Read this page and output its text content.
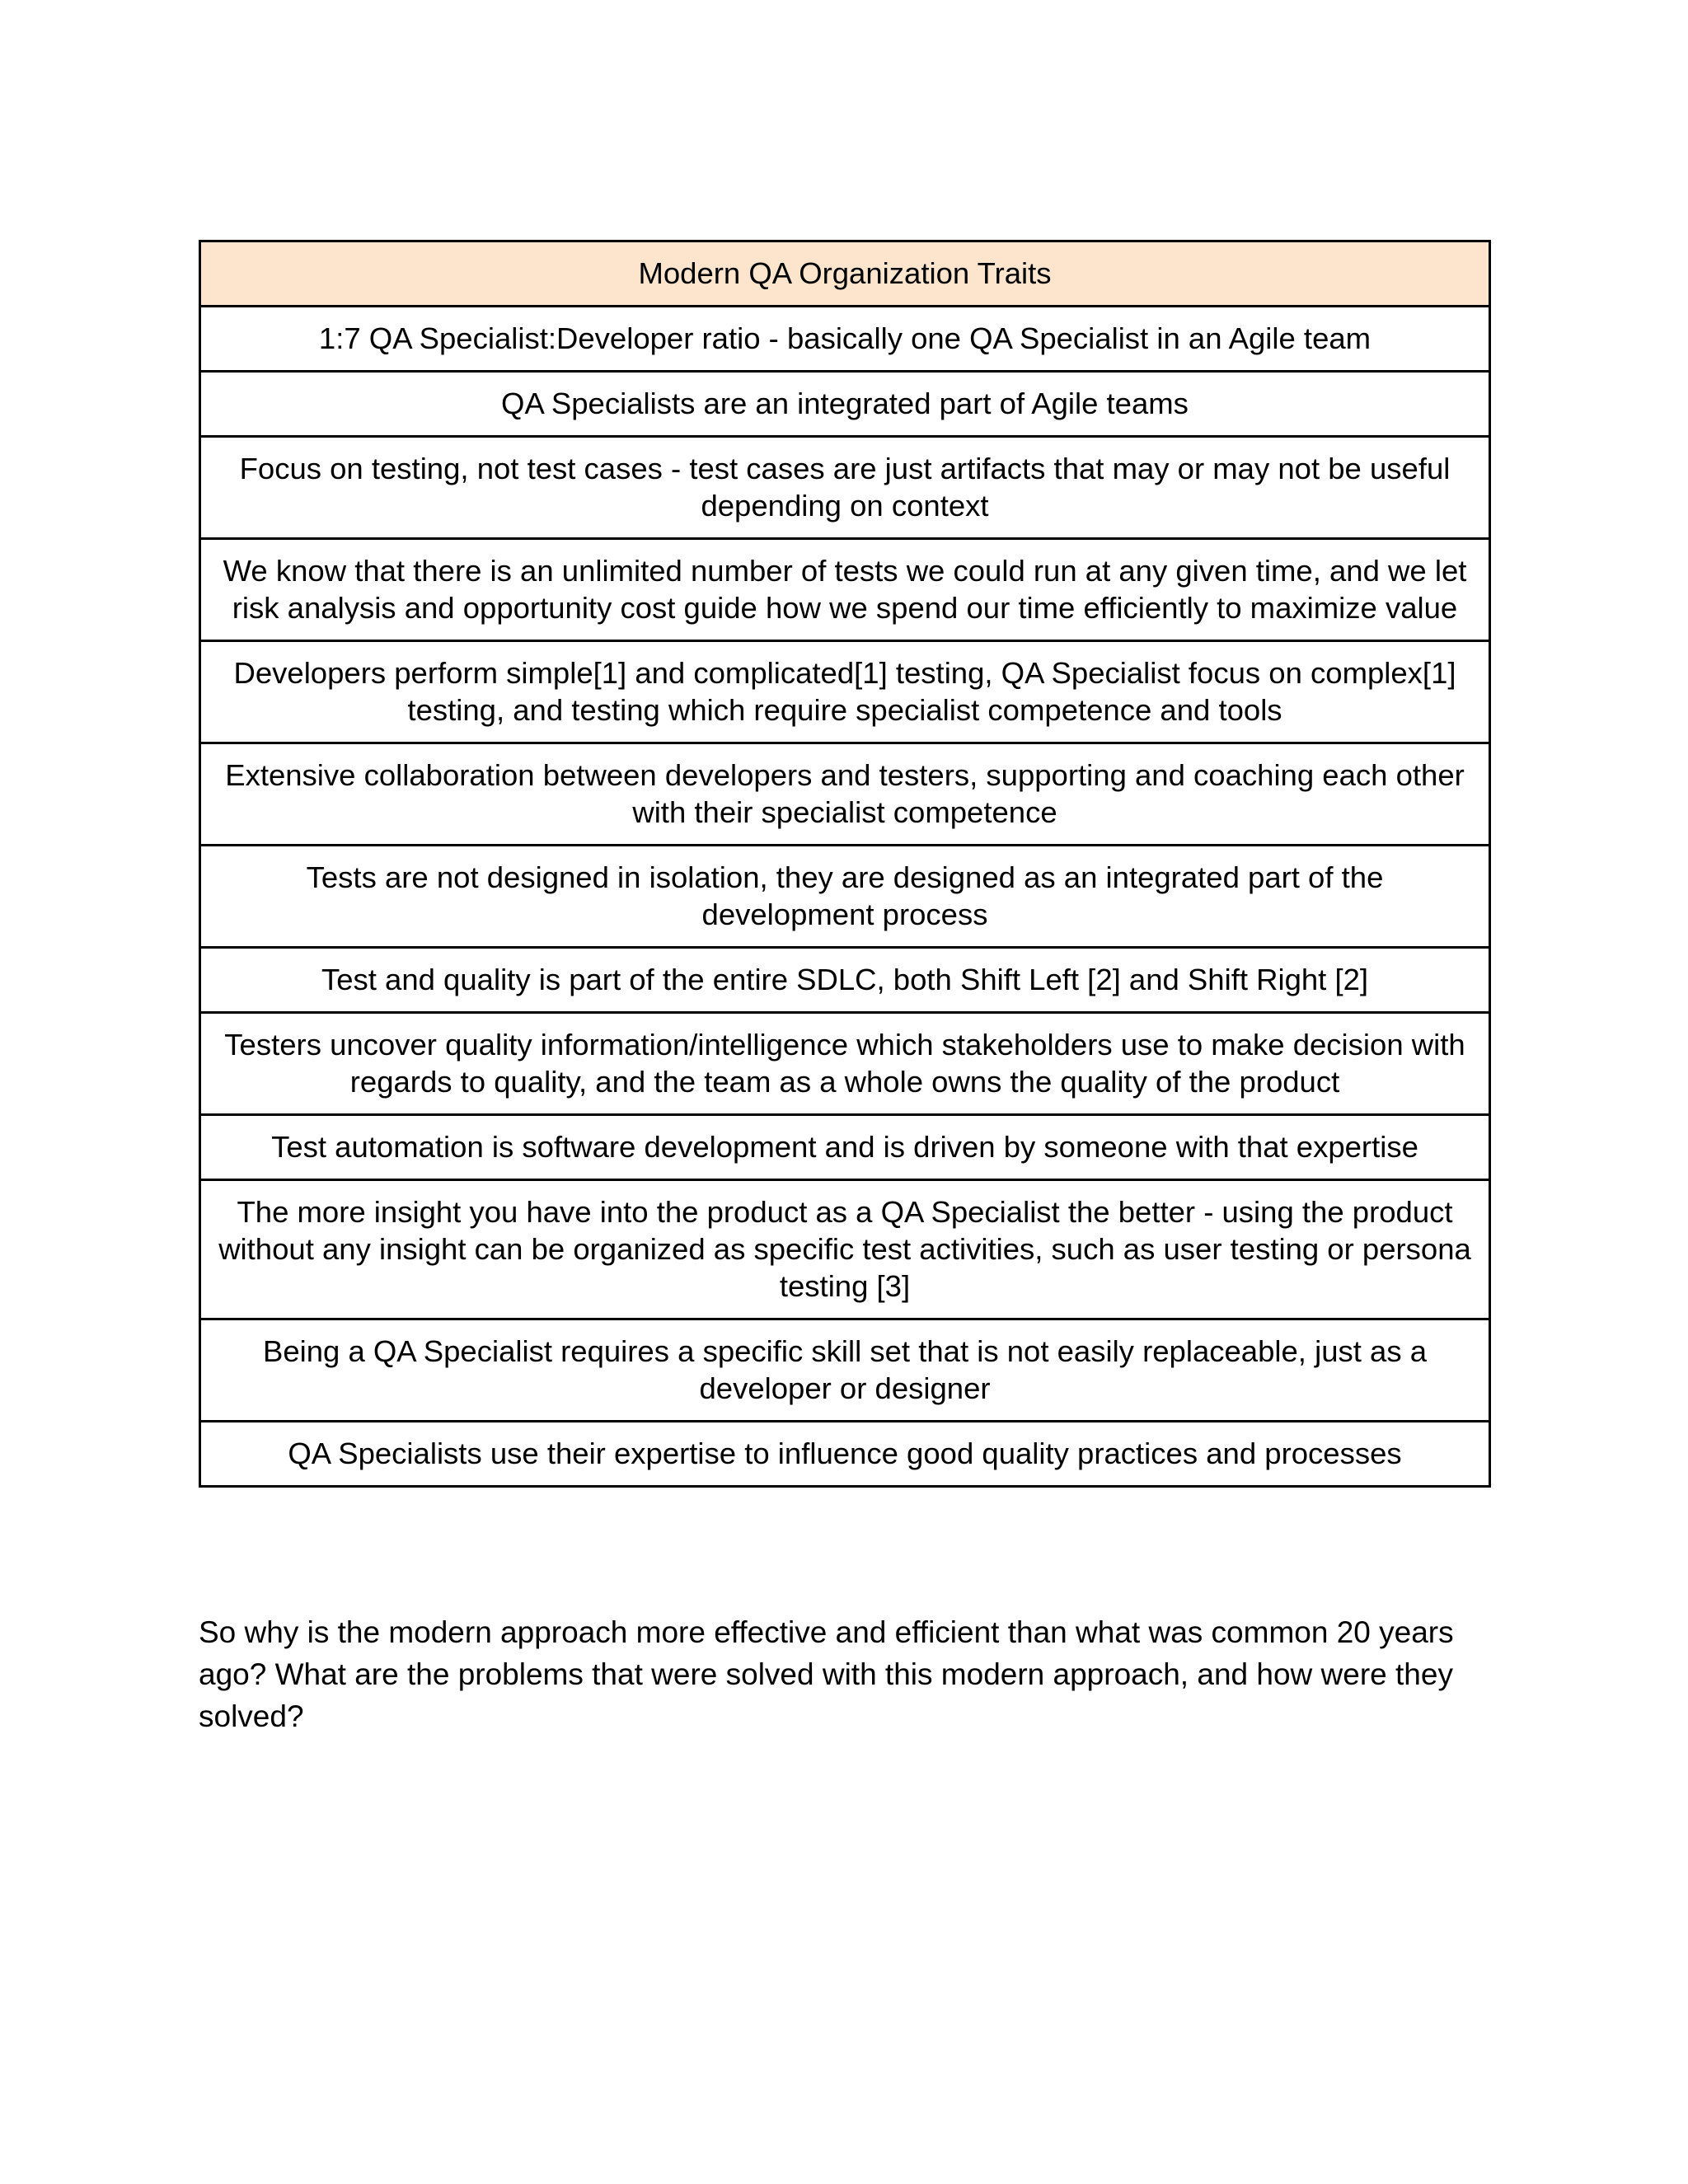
Modern QA Organization Traits
1:7 QA Specialist:Developer ratio - basically one QA Specialist in an Agile team
QA Specialists are an integrated part of Agile teams
Focus on testing, not test cases - test cases are just artifacts that may or may not be useful depending on context
We know that there is an unlimited number of tests we could run at any given time, and we let risk analysis and opportunity cost guide how we spend our time efficiently to maximize value
Developers perform simple[1] and complicated[1] testing, QA Specialist focus on complex[1] testing, and testing which require specialist competence and tools
Extensive collaboration between developers and testers, supporting and coaching each other with their specialist competence
Tests are not designed in isolation, they are designed as an integrated part of the development process
Test and quality is part of the entire SDLC, both Shift Left [2] and Shift Right [2]
Testers uncover quality information/intelligence which stakeholders use to make decision with regards to quality, and the team as a whole owns the quality of the product
Test automation is software development and is driven by someone with that expertise
The more insight you have into the product as a QA Specialist the better - using the product without any insight can be organized as specific test activities, such as user testing or persona testing [3]
Being a QA Specialist requires a specific skill set that is not easily replaceable, just as a developer or designer
QA Specialists use their expertise to influence good quality practices and processes

So why is the modern approach more effective and efficient than what was common 20 years ago? What are the problems that were solved with this modern approach, and how were they solved?
